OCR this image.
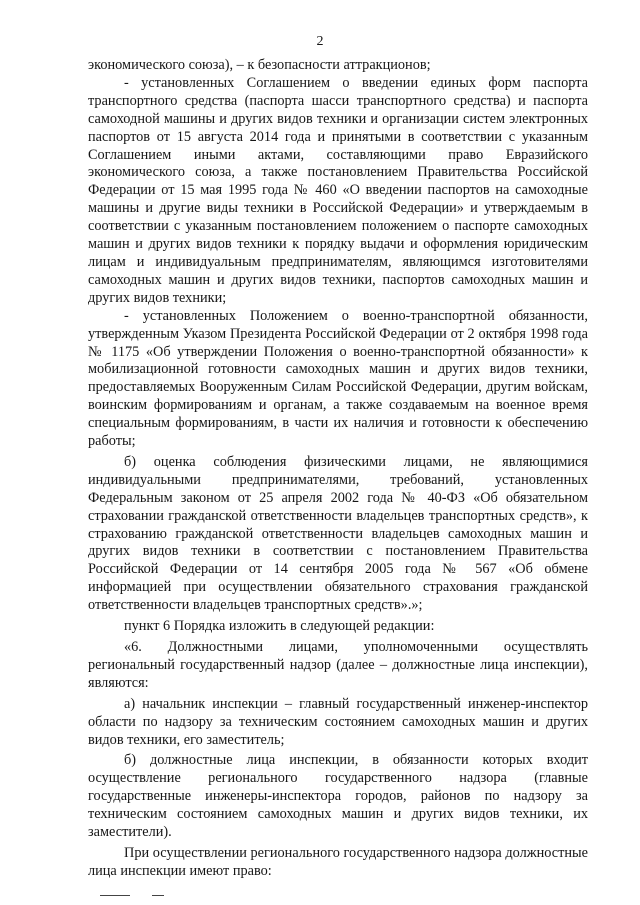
2

экономического союза), – к безопасности аттракционов;

- установленных Соглашением о введении единых форм паспорта транспортного средства (паспорта шасси транспортного средства) и паспорта самоходной машины и других видов техники и организации систем электронных паспортов от 15 августа 2014 года и принятыми в соответствии с указанным Соглашением иными актами, составляющими право Евразийского экономического союза, а также постановлением Правительства Российской Федерации от 15 мая 1995 года № 460 «О введении паспортов на самоходные машины и другие виды техники в Российской Федерации» и утверждаемым в соответствии с указанным постановлением положением о паспорте самоходных машин и других видов техники к порядку выдачи и оформления юридическим лицам и индивидуальным предпринимателям, являющимся изготовителями самоходных машин и других видов техники, паспортов самоходных машин и других видов техники;

- установленных Положением о военно-транспортной обязанности, утвержденным Указом Президента Российской Федерации от 2 октября 1998 года № 1175 «Об утверждении Положения о военно-транспортной обязанности» к мобилизационной готовности самоходных машин и других видов техники, предоставляемых Вооруженным Силам Российской Федерации, другим войскам, воинским формированиям и органам, а также создаваемым на военное время специальным формированиям, в части их наличия и готовности к обеспечению работы;

б) оценка соблюдения физическими лицами, не являющимися индивидуальными предпринимателями, требований, установленных Федеральным законом от 25 апреля 2002 года № 40-ФЗ «Об обязательном страховании гражданской ответственности владельцев транспортных средств», к страхованию гражданской ответственности владельцев самоходных машин и других видов техники в соответствии с постановлением Правительства Российской Федерации от 14 сентября 2005 года № 567 «Об обмене информацией при осуществлении обязательного страхования гражданской ответственности владельцев транспортных средств».»;

пункт 6 Порядка изложить в следующей редакции:

«6. Должностными лицами, уполномоченными осуществлять региональный государственный надзор (далее – должностные лица инспекции), являются:

а) начальник инспекции – главный государственный инженер-инспектор области по надзору за техническим состоянием самоходных машин и других видов техники, его заместитель;

б) должностные лица инспекции, в обязанности которых входит осуществление регионального государственного надзора (главные государственные инженеры-инспектора городов, районов по надзору за техническим состоянием самоходных машин и других видов техники, их заместители).

При осуществлении регионального государственного надзора должностные лица инспекции имеют право:
